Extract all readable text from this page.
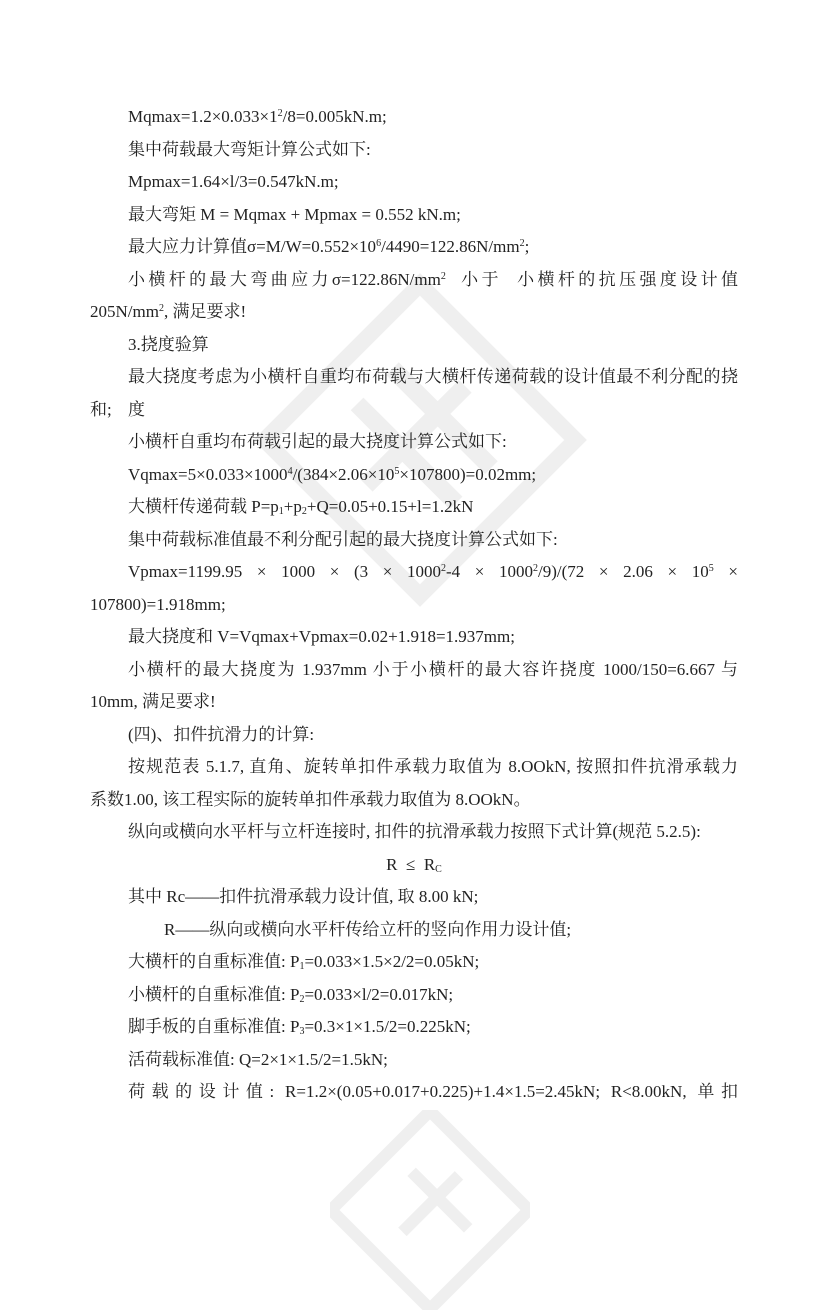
$Mqmax=1.2\times 0.033\times 1^2/8=0.005kN.m$;
集中荷载最大弯矩计算公式如下:
Mpmax=1.64×l/3=0.547kN.m;
最大弯矩 M = Mqmax + Mpmax = 0.552 kN.m;
最大应力计算值$\sigma=M/W=0.552\times 10^6/4490=122.86N/mm^2$;
小横杆的最大弯曲应力$\sigma=122.86N/mm^2$  小于  小横杆的抗压强度设计值
$205N/mm^2$, 满足要求!
3.挠度验算
最大挠度考虑为小横杆自重均布荷载与大横杆传递荷载的设计值最不利分配的挠度
和;
小横杆自重均布荷载引起的最大挠度计算公式如下:
$Vqmax=5\times 0.033\times 1000^4/(384\times 2.06\times 10^5\times 107800)=0.02mm$;
大横杆传递荷载 $P=p_1+p_2+Q=0.05+0.15+l=1.2kN$
集中荷载标准值最不利分配引起的最大挠度计算公式如下:
$Vpmax=1199.95 \times 1000 \times (3 \times 1000^2-4 \times 1000^2/9)/(72 \times 2.06 \times 10^5$ ×
107800)=1.918mm;
最大挠度和 V=Vqmax+Vpmax=0.02+1.918=1.937mm;
小横杆的最大挠度为 1.937mm 小于小横杆的最大容许挠度 1000/150=6.667 与
10mm, 满足要求!
(四)、扣件抗滑力的计算:
按规范表 5.1.7, 直角、旋转单扣件承载力取值为 8.OOkN, 按照扣件抗滑承载力
系数1.00, 该工程实际的旋转单扣件承载力取值为 8.OOkN。
纵向或横向水平杆与立杆连接时, 扣件的抗滑承载力按照下式计算(规范 5.2.5):
$R \le R_C$
其中 Rc——扣件抗滑承载力设计值, 取 8.00 kN;
R——纵向或横向水平杆传给立杆的竖向作用力设计值;
大横杆的自重标准值: $P_1=0.033\times 1.5\times 2/2=0.05kN$;
小横杆的自重标准值: $P_2=0.033\times l/2=0.017kN$;
脚手板的自重标准值: $P_3=0.3\times 1\times 1.5/2=0.225kN$;
活荷载标准值: Q=2×1×1.5/2=1.5kN;
荷载的设计值: R=1.2×(0.05+0.017+0.225)+1.4×1.5=2.45kN; R<8.00kN, 单扣
